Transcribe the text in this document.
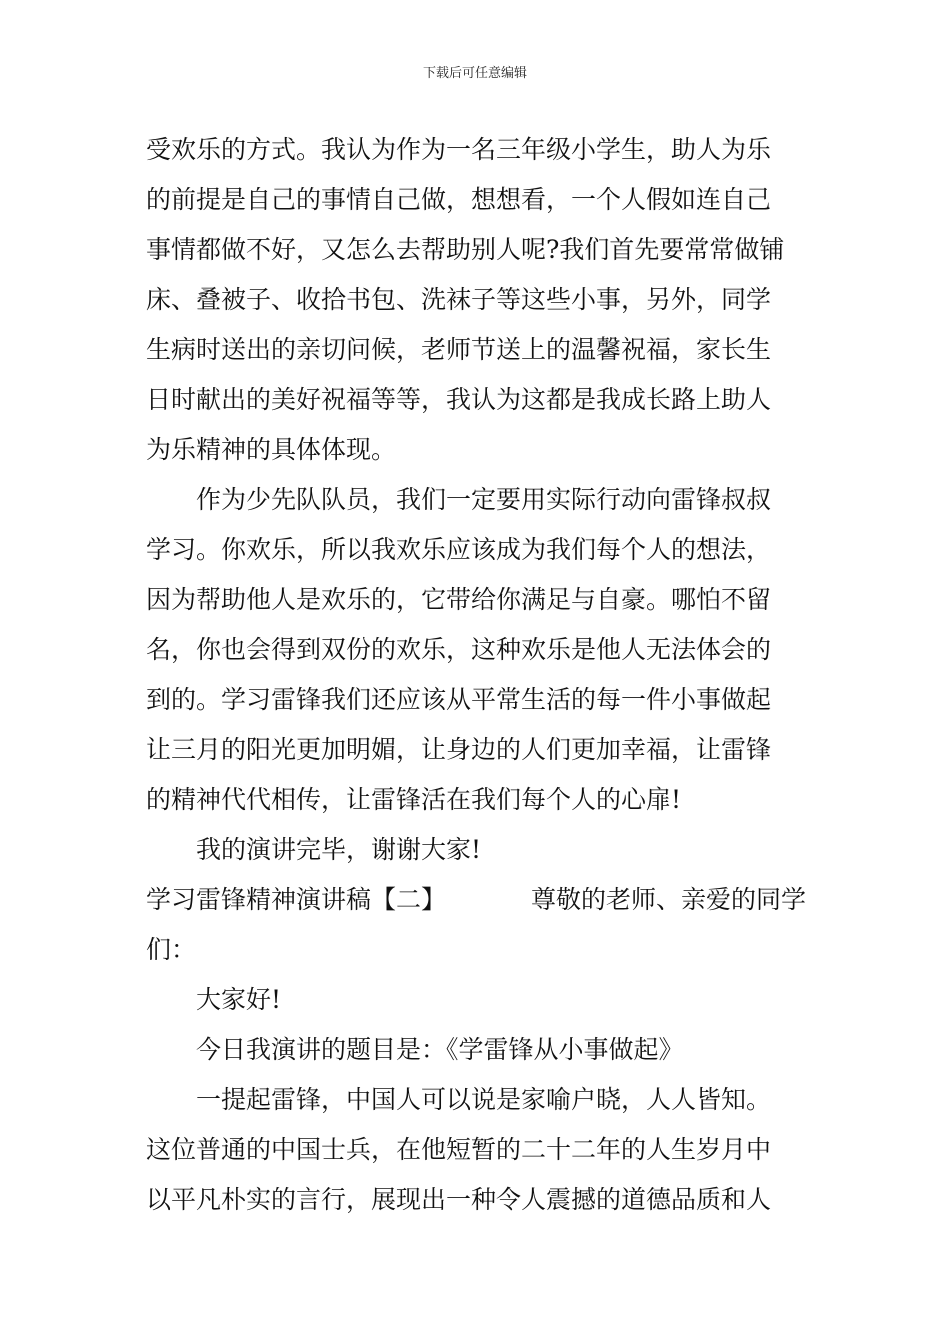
下载后可任意编辑
受欢乐的方式。我认为作为一名三年级小学生，助人为乐
的前提是自己的事情自己做，想想看，一个人假如连自己
事情都做不好，又怎么去帮助别人呢?我们首先要常常做铺
床、叠被子、收拾书包、洗袜子等这些小事，另外，同学
生病时送出的亲切问候，老师节送上的温馨祝福，家长生
日时献出的美好祝福等等，我认为这都是我成长路上助人
为乐精神的具体体现。
作为少先队队员，我们一定要用实际行动向雷锋叔叔
学习。你欢乐，所以我欢乐应该成为我们每个人的想法，
因为帮助他人是欢乐的，它带给你满足与自豪。哪怕不留
名，你也会得到双份的欢乐，这种欢乐是他人无法体会的
到的。学习雷锋我们还应该从平常生活的每一件小事做起
让三月的阳光更加明媚，让身边的人们更加幸福，让雷锋
的精神代代相传，让雷锋活在我们每个人的心扉!
我的演讲完毕，谢谢大家!
学习雷锋精神演讲稿【二】	尊敬的老师、亲爱的同学
们：
大家好!
今日我演讲的题目是：《学雷锋从小事做起》
一提起雷锋，中国人可以说是家喻户晓，人人皆知。
这位普通的中国士兵，在他短暂的二十二年的人生岁月中
以平凡朴实的言行，展现出一种令人震撼的道德品质和人
